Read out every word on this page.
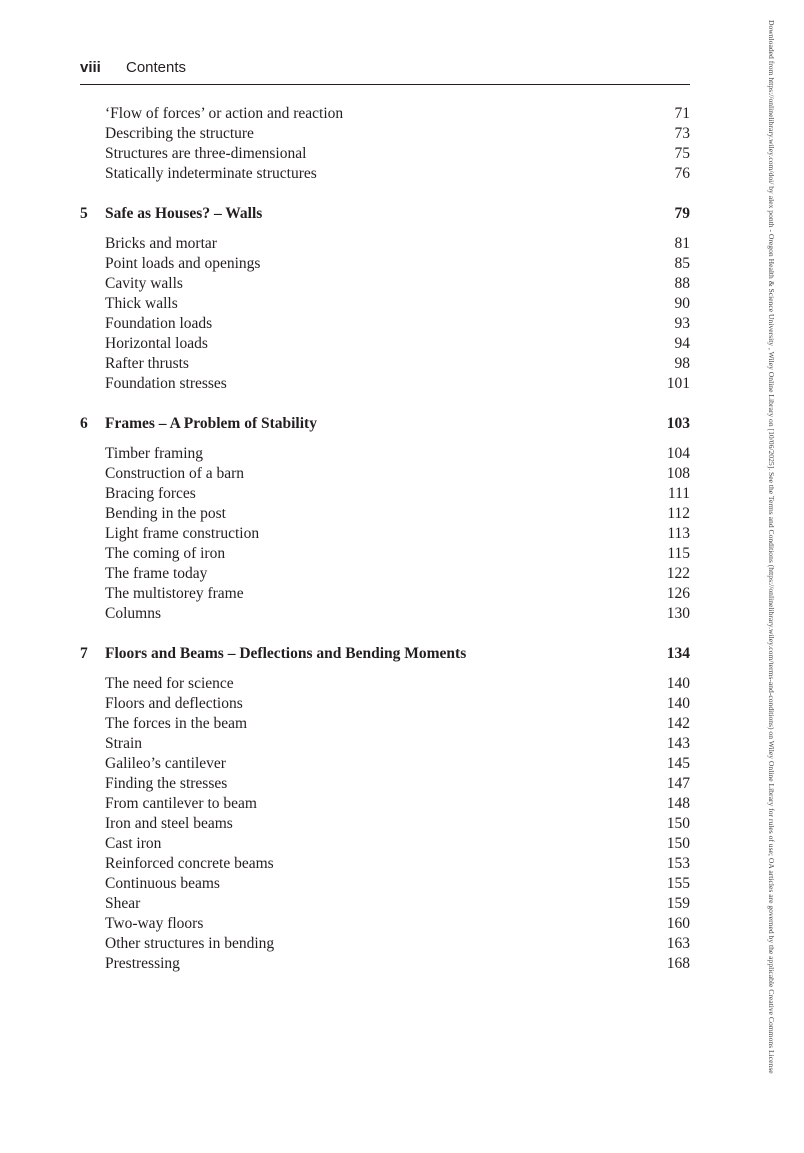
viii Contents
‘Flow of forces’ or action and reaction	71
Describing the structure	73
Structures are three-dimensional	75
Statically indeterminate structures	76
5 Safe as Houses? – Walls	79
Bricks and mortar	81
Point loads and openings	85
Cavity walls	88
Thick walls	90
Foundation loads	93
Horizontal loads	94
Rafter thrusts	98
Foundation stresses	101
6 Frames – A Problem of Stability	103
Timber framing	104
Construction of a barn	108
Bracing forces	111
Bending in the post	112
Light frame construction	113
The coming of iron	115
The frame today	122
The multistorey frame	126
Columns	130
7 Floors and Beams – Deflections and Bending Moments	134
The need for science	140
Floors and deflections	140
The forces in the beam	142
Strain	143
Galileo’s cantilever	145
Finding the stresses	147
From cantilever to beam	148
Iron and steel beams	150
Cast iron	150
Reinforced concrete beams	153
Continuous beams	155
Shear	159
Two-way floors	160
Other structures in bending	163
Prestressing	168	Downloaded from https://onlinelibrary.wiley.com/doi/ by alex ponth - Oregon Health & Science University , Wiley Online Library on [10/06/2025]. See the Terms and Conditions (https://onlinelibrary.wiley.com/terms-and-conditions) on Wiley Online Library for rules of use; OA articles are governed by the applicable Creative Commons License
